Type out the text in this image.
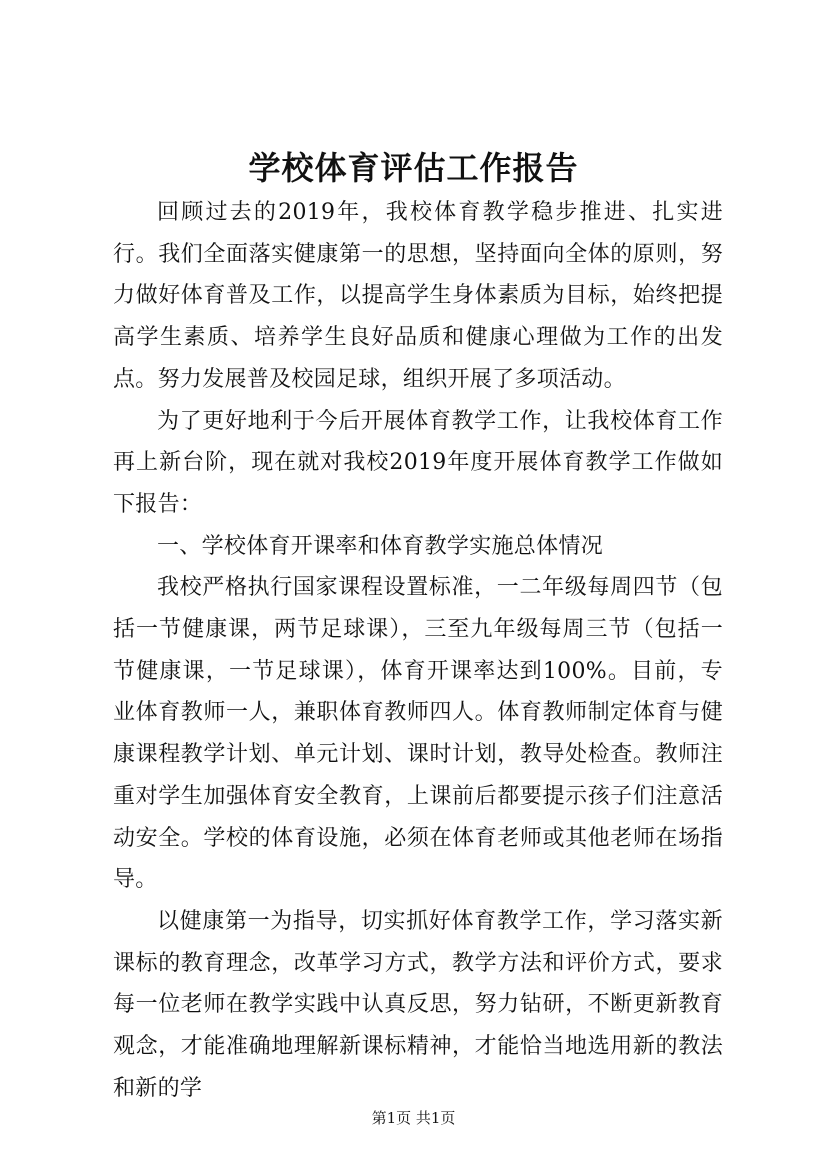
学校体育评估工作报告

回顾过去的2019年，我校体育教学稳步推进、扎实进行。我们全面落实健康第一的思想，坚持面向全体的原则，努力做好体育普及工作，以提高学生身体素质为目标，始终把提高学生素质、培养学生良好品质和健康心理做为工作的出发点。努力发展普及校园足球，组织开展了多项活动。

为了更好地利于今后开展体育教学工作，让我校体育工作再上新台阶，现在就对我校2019年度开展体育教学工作做如下报告：

一、学校体育开课率和体育教学实施总体情况

我校严格执行国家课程设置标准，一二年级每周四节（包括一节健康课，两节足球课），三至九年级每周三节（包括一节健康课，一节足球课），体育开课率达到100%。目前，专业体育教师一人，兼职体育教师四人。体育教师制定体育与健康课程教学计划、单元计划、课时计划，教导处检查。教师注重对学生加强体育安全教育，上课前后都要提示孩子们注意活动安全。学校的体育设施，必须在体育老师或其他老师在场指导。

以健康第一为指导，切实抓好体育教学工作，学习落实新课标的教育理念，改革学习方式，教学方法和评价方式，要求每一位老师在教学实践中认真反思，努力钻研，不断更新教育观念，才能准确地理解新课标精神，才能恰当地选用新的教法和新的学

第1页 共1页
